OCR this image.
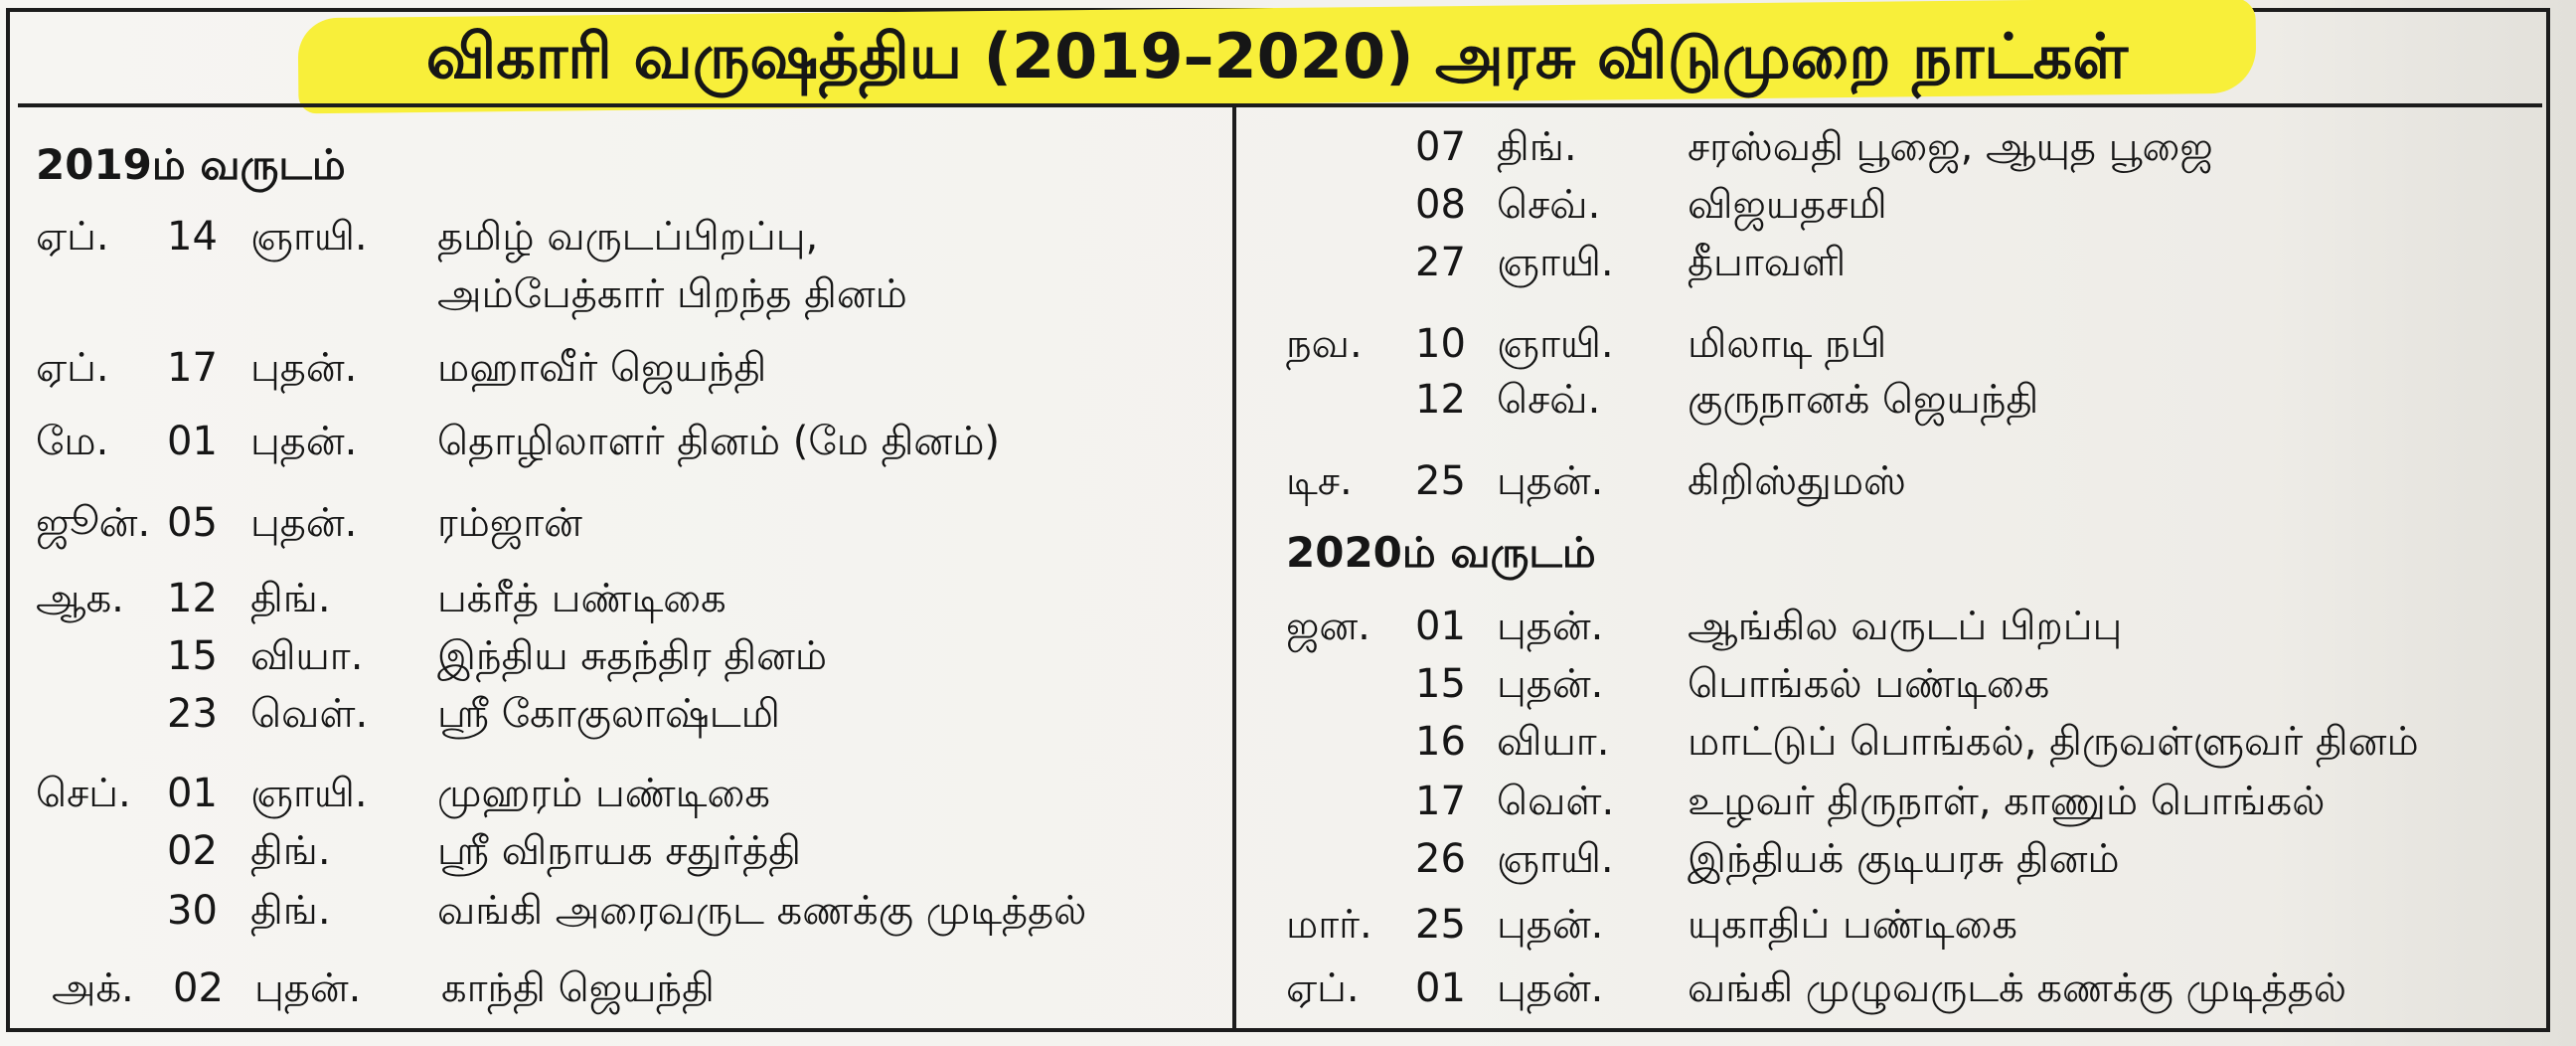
விகாரி வருஷத்திய (2019–2020) அரசு விடுமுறை நாட்கள்
2019ம் வருடம்
ஏப். 14 ஞாயி. தமிழ் வருடப்பிறப்பு,
அம்பேத்கார் பிறந்த தினம்
ஏப். 17 புதன். மஹாவீர் ஜெயந்தி
மே. 01 புதன். தொழிலாளர் தினம் (மே தினம்)
ஜூன். 05 புதன். ரம்ஜான்
ஆக. 12 திங்.	பக்ரீத் பண்டிகை
15 வியா. இந்திய சுதந்திர தினம்
23 வெள். ஸ்ரீ கோகுலாஷ்டமி
செப். 01 ஞாயி. முஹரம் பண்டிகை
02 திங்.	ஸ்ரீ விநாயக சதுர்த்தி
30 திங்.	வங்கி அரைவருட கணக்கு முடித்தல்
அக். 02 புதன். காந்தி ஜெயந்தி
07 திங்.	சரஸ்வதி பூஜை, ஆயுத பூஜை
08 செவ். விஜயதசமி
27 ஞாயி. தீபாவளி
நவ. 10 ஞாயி. மிலாடி நபி
12 செவ். குருநானக் ஜெயந்தி
டிச. 25 புதன். கிறிஸ்துமஸ்
2020ம் வருடம்
ஜன. 01 புதன். ஆங்கில வருடப் பிறப்பு
15 புதன். பொங்கல் பண்டிகை
16 வியா. மாட்டுப் பொங்கல், திருவள்ளுவர் தினம்
17 வெள். உழவர் திருநாள், காணும் பொங்கல்
26 ஞாயி. இந்தியக் குடியரசு தினம்
மார். 25 புதன். யுகாதிப் பண்டிகை
ஏப். 01 புதன். வங்கி முழுவருடக் கணக்கு முடித்தல்
